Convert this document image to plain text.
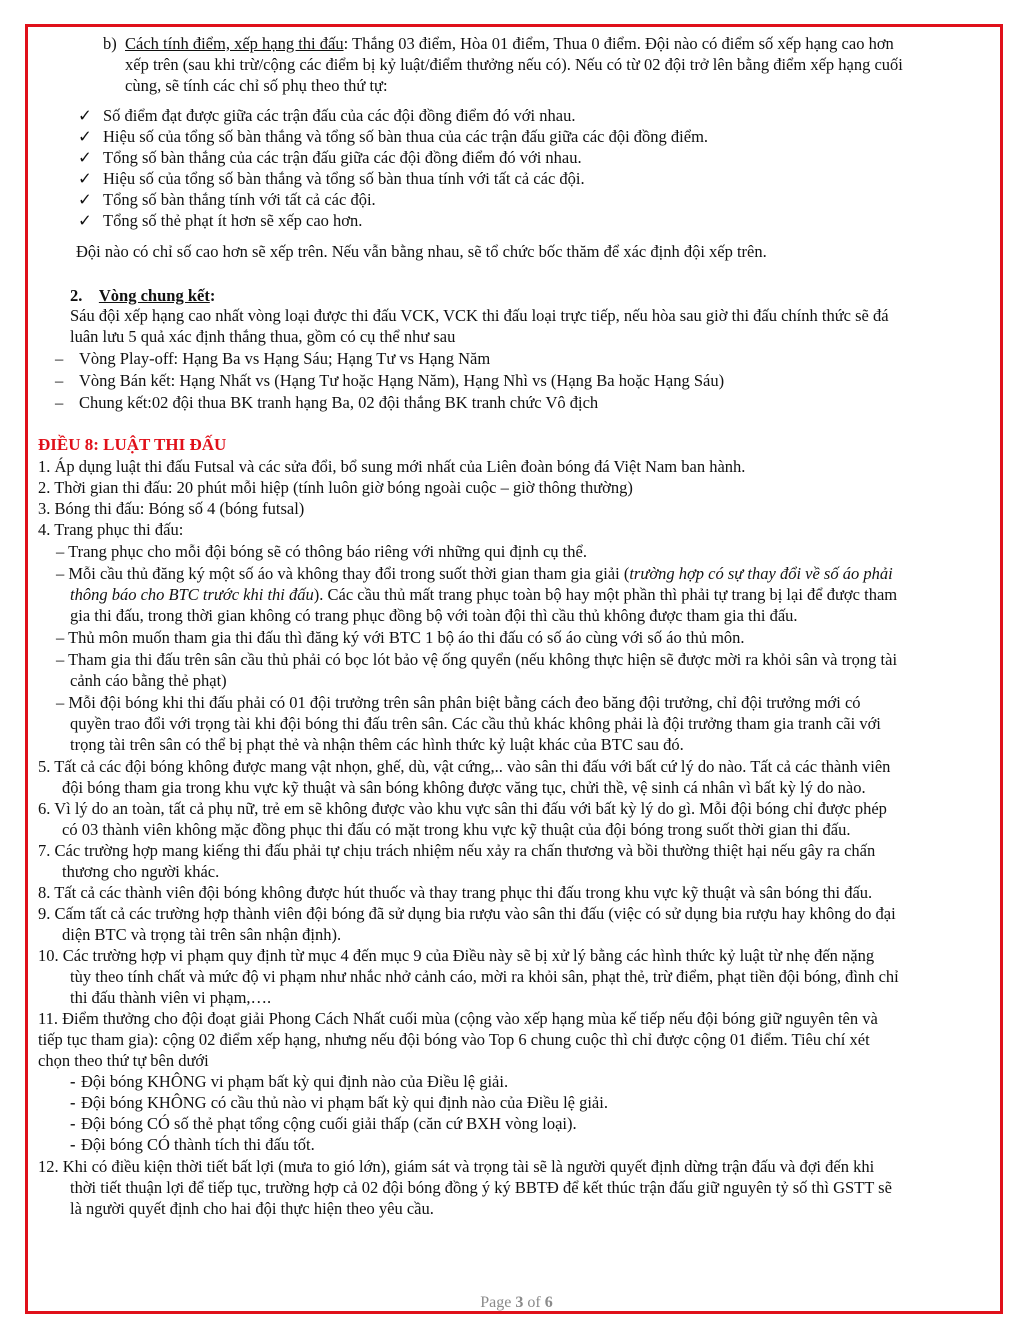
b) Cách tính điểm, xếp hạng thi đấu: Thắng 03 điểm, Hòa 01 điểm, Thua 0 điểm. Đội nào có điểm số xếp hạng cao hơn
xếp trên (sau khi trừ/cộng các điểm bị kỷ luật/điểm thưởng nếu có). Nếu có từ 02 đội trở lên bằng điểm xếp hạng cuối
cùng, sẽ tính các chỉ số phụ theo thứ tự:
✓ Số điểm đạt được giữa các trận đấu của các đội đồng điểm đó với nhau.
✓ Hiệu số của tổng số bàn thắng và tổng số bàn thua của các trận đấu giữa các đội đồng điểm.
✓ Tổng số bàn thắng của các trận đấu giữa các đội đồng điểm đó với nhau.
✓ Hiệu số của tổng số bàn thắng và tổng số bàn thua tính với tất cả các đội.
✓ Tổng số bàn thắng tính với tất cả các đội.
✓ Tổng số thẻ phạt ít hơn sẽ xếp cao hơn.
Đội nào có chỉ số cao hơn sẽ xếp trên. Nếu vẫn bằng nhau, sẽ tổ chức bốc thăm để xác định đội xếp trên.
2. Vòng chung kết:
Sáu đội xếp hạng cao nhất vòng loại được thi đấu VCK, VCK thi đấu loại trực tiếp, nếu hòa sau giờ thi đấu chính thức sẽ đá
luân lưu 5 quả xác định thắng thua, gồm có cụ thể như sau
– Vòng Play-off: Hạng Ba vs Hạng Sáu; Hạng Tư vs Hạng Năm
– Vòng Bán kết: Hạng Nhất vs (Hạng Tư hoặc Hạng Năm), Hạng Nhì vs (Hạng Ba hoặc Hạng Sáu)
– Chung kết:02 đội thua BK tranh hạng Ba, 02 đội thắng BK tranh chức Vô địch
ĐIỀU 8: LUẬT THI ĐẤU
1. Áp dụng luật thi đấu Futsal và các sửa đổi, bổ sung mới nhất của Liên đoàn bóng đá Việt Nam ban hành.
2. Thời gian thi đấu: 20 phút mỗi hiệp (tính luôn giờ bóng ngoài cuộc – giờ thông thường)
3. Bóng thi đấu: Bóng số 4 (bóng futsal)
4. Trang phục thi đấu:
– Trang phục cho mỗi đội bóng sẽ có thông báo riêng với những qui định cụ thể.
– Mỗi cầu thủ đăng ký một số áo và không thay đổi trong suốt thời gian tham gia giải (trường hợp có sự thay đổi về số áo phải
thông báo cho BTC trước khi thi đấu). Các cầu thủ mất trang phục toàn bộ hay một phần thì phải tự trang bị lại để được tham
gia thi đấu, trong thời gian không có trang phục đồng bộ với toàn đội thì cầu thủ không được tham gia thi đấu.
– Thủ môn muốn tham gia thi đấu thì đăng ký với BTC 1 bộ áo thi đấu có số áo cùng với số áo thủ môn.
– Tham gia thi đấu trên sân cầu thủ phải có bọc lót bảo vệ ống quyển (nếu không thực hiện sẽ được mời ra khỏi sân và trọng tài
cảnh cáo bằng thẻ phạt)
– Mỗi đội bóng khi thi đấu phải có 01 đội trưởng trên sân phân biệt bằng cách đeo băng đội trưởng, chỉ đội trưởng mới có
quyền trao đổi với trọng tài khi đội bóng thi đấu trên sân. Các cầu thủ khác không phải là đội trưởng tham gia tranh cãi với
trọng tài trên sân có thể bị phạt thẻ và nhận thêm các hình thức kỷ luật khác của BTC sau đó.
5. Tất cả các đội bóng không được mang vật nhọn, ghế, dù, vật cứng,.. vào sân thi đấu với bất cứ lý do nào. Tất cả các thành viên
đội bóng tham gia trong khu vực kỹ thuật và sân bóng không được văng tục, chửi thề, vệ sinh cá nhân vì bất kỳ lý do nào.
6. Vì lý do an toàn, tất cả phụ nữ, trẻ em sẽ không được vào khu vực sân thi đấu với bất kỳ lý do gì. Mỗi đội bóng chỉ được phép
có 03 thành viên không mặc đồng phục thi đấu có mặt trong khu vực kỹ thuật của đội bóng trong suốt thời gian thi đấu.
7. Các trường hợp mang kiếng thi đấu phải tự chịu trách nhiệm nếu xảy ra chấn thương và bồi thường thiệt hại nếu gây ra chấn
thương cho người khác.
8. Tất cả các thành viên đội bóng không được hút thuốc và thay trang phục thi đấu trong khu vực kỹ thuật và sân bóng thi đấu.
9. Cấm tất cả các trường hợp thành viên đội bóng đã sử dụng bia rượu vào sân thi đấu (việc có sử dụng bia rượu hay không do đại
diện BTC và trọng tài trên sân nhận định).
10. Các trường hợp vi phạm quy định từ mục 4 đến mục 9 của Điều này sẽ bị xử lý bằng các hình thức kỷ luật từ nhẹ đến nặng
tùy theo tính chất và mức độ vi phạm như nhắc nhở cảnh cáo, mời ra khỏi sân, phạt thẻ, trừ điểm, phạt tiền đội bóng, đình chỉ
thi đấu thành viên vi phạm,….
11. Điểm thưởng cho đội đoạt giải Phong Cách Nhất cuối mùa (cộng vào xếp hạng mùa kế tiếp nếu đội bóng giữ nguyên tên và
tiếp tục tham gia): cộng 02 điểm xếp hạng, nhưng nếu đội bóng vào Top 6 chung cuộc thì chỉ được cộng 01 điểm. Tiêu chí xét
chọn theo thứ tự bên dưới
- Đội bóng KHÔNG vi phạm bất kỳ qui định nào của Điều lệ giải.
- Đội bóng KHÔNG có cầu thủ nào vi phạm bất kỳ qui định nào của Điều lệ giải.
- Đội bóng CÓ số thẻ phạt tổng cộng cuối giải thấp (căn cứ BXH vòng loại).
- Đội bóng CÓ thành tích thi đấu tốt.
12. Khi có điều kiện thời tiết bất lợi (mưa to gió lớn), giám sát và trọng tài sẽ là người quyết định dừng trận đấu và đợi đến khi
thời tiết thuận lợi để tiếp tục, trường hợp cả 02 đội bóng đồng ý ký BBTĐ để kết thúc trận đấu giữ nguyên tỷ số thì GSTT sẽ
là người quyết định cho hai đội thực hiện theo yêu cầu.
Page 3 of 6
